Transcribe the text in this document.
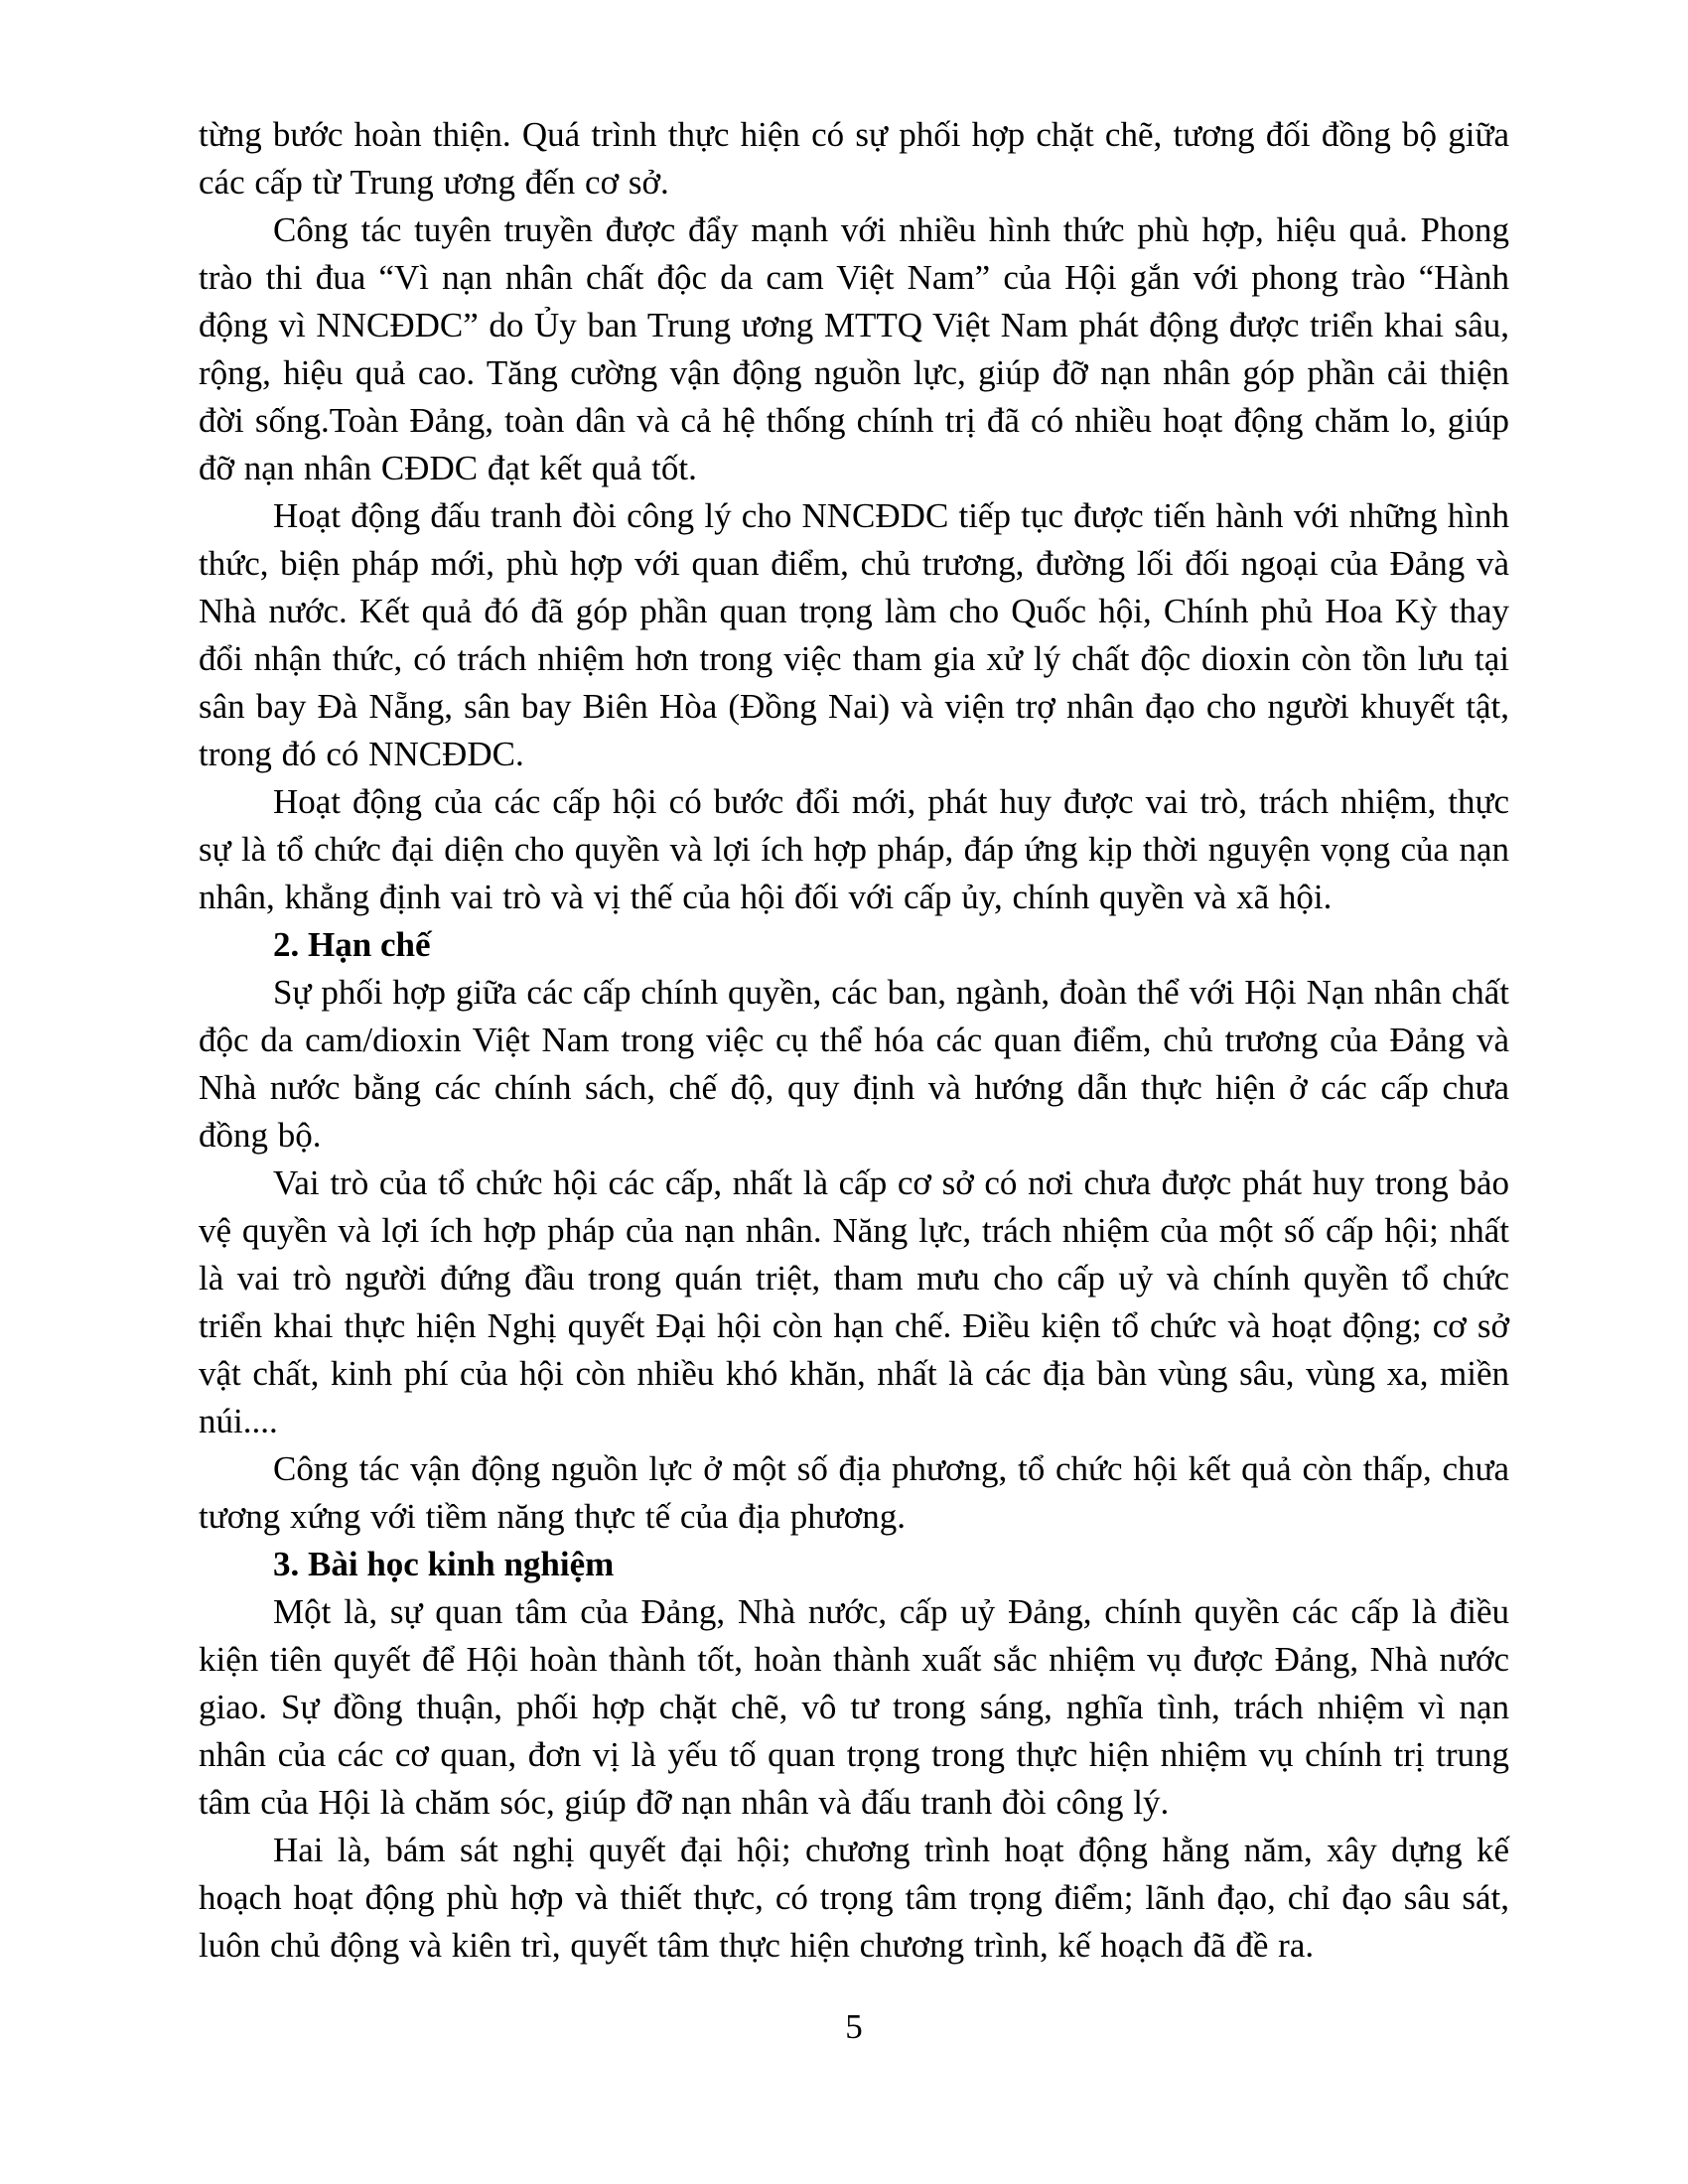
từng bước hoàn thiện. Quá trình thực hiện có sự phối hợp chặt chẽ, tương đối đồng bộ giữa các cấp từ Trung ương đến cơ sở.

Công tác tuyên truyền được đẩy mạnh với nhiều hình thức phù hợp, hiệu quả. Phong trào thi đua “Vì nạn nhân chất độc da cam Việt Nam” của Hội gắn với phong trào “Hành động vì NNCĐDC” do Ủy ban Trung ương MTTQ Việt Nam phát động được triển khai sâu, rộng, hiệu quả cao. Tăng cường vận động nguồn lực, giúp đỡ nạn nhân góp phần cải thiện đời sống.Toàn Đảng, toàn dân và cả hệ thống chính trị đã có nhiều hoạt động chăm lo, giúp đỡ nạn nhân CĐDC đạt kết quả tốt.

Hoạt động đấu tranh đòi công lý cho NNCĐDC tiếp tục được tiến hành với những hình thức, biện pháp mới, phù hợp với quan điểm, chủ trương, đường lối đối ngoại của Đảng và Nhà nước. Kết quả đó đã góp phần quan trọng làm cho Quốc hội, Chính phủ Hoa Kỳ thay đổi nhận thức, có trách nhiệm hơn trong việc tham gia xử lý chất độc dioxin còn tồn lưu tại sân bay Đà Nẵng, sân bay Biên Hòa (Đồng Nai) và viện trợ nhân đạo cho người khuyết tật, trong đó có NNCĐDC.

Hoạt động của các cấp hội có bước đổi mới, phát huy được vai trò, trách nhiệm, thực sự là tổ chức đại diện cho quyền và lợi ích hợp pháp, đáp ứng kịp thời nguyện vọng của nạn nhân, khẳng định vai trò và vị thế của hội đối với cấp ủy, chính quyền và xã hội.

2. Hạn chế

Sự phối hợp giữa các cấp chính quyền, các ban, ngành, đoàn thể với Hội Nạn nhân chất độc da cam/dioxin Việt Nam trong việc cụ thể hóa các quan điểm, chủ trương của Đảng và Nhà nước bằng các chính sách, chế độ, quy định và hướng dẫn thực hiện ở các cấp chưa đồng bộ.

Vai trò của tổ chức hội các cấp, nhất là cấp cơ sở có nơi chưa được phát huy trong bảo vệ quyền và lợi ích hợp pháp của nạn nhân. Năng lực, trách nhiệm của một số cấp hội; nhất là vai trò người đứng đầu trong quán triệt, tham mưu cho cấp uỷ và chính quyền tổ chức triển khai thực hiện Nghị quyết Đại hội còn hạn chế. Điều kiện tổ chức và hoạt động; cơ sở vật chất, kinh phí của hội còn nhiều khó khăn, nhất là các địa bàn vùng sâu, vùng xa, miền núi....

Công tác vận động nguồn lực ở một số địa phương, tổ chức hội kết quả còn thấp, chưa tương xứng với tiềm năng thực tế của địa phương.

3. Bài học kinh nghiệm

Một là, sự quan tâm của Đảng, Nhà nước, cấp uỷ Đảng, chính quyền các cấp là điều kiện tiên quyết để Hội hoàn thành tốt, hoàn thành xuất sắc nhiệm vụ được Đảng, Nhà nước giao. Sự đồng thuận, phối hợp chặt chẽ, vô tư trong sáng, nghĩa tình, trách nhiệm vì nạn nhân của các cơ quan, đơn vị là yếu tố quan trọng trong thực hiện nhiệm vụ chính trị trung tâm của Hội là chăm sóc, giúp đỡ nạn nhân và đấu tranh đòi công lý.

Hai là, bám sát nghị quyết đại hội; chương trình hoạt động hằng năm, xây dựng kế hoạch hoạt động phù hợp và thiết thực, có trọng tâm trọng điểm; lãnh đạo, chỉ đạo sâu sát, luôn chủ động và kiên trì, quyết tâm thực hiện chương trình, kế hoạch đã đề ra.

5
